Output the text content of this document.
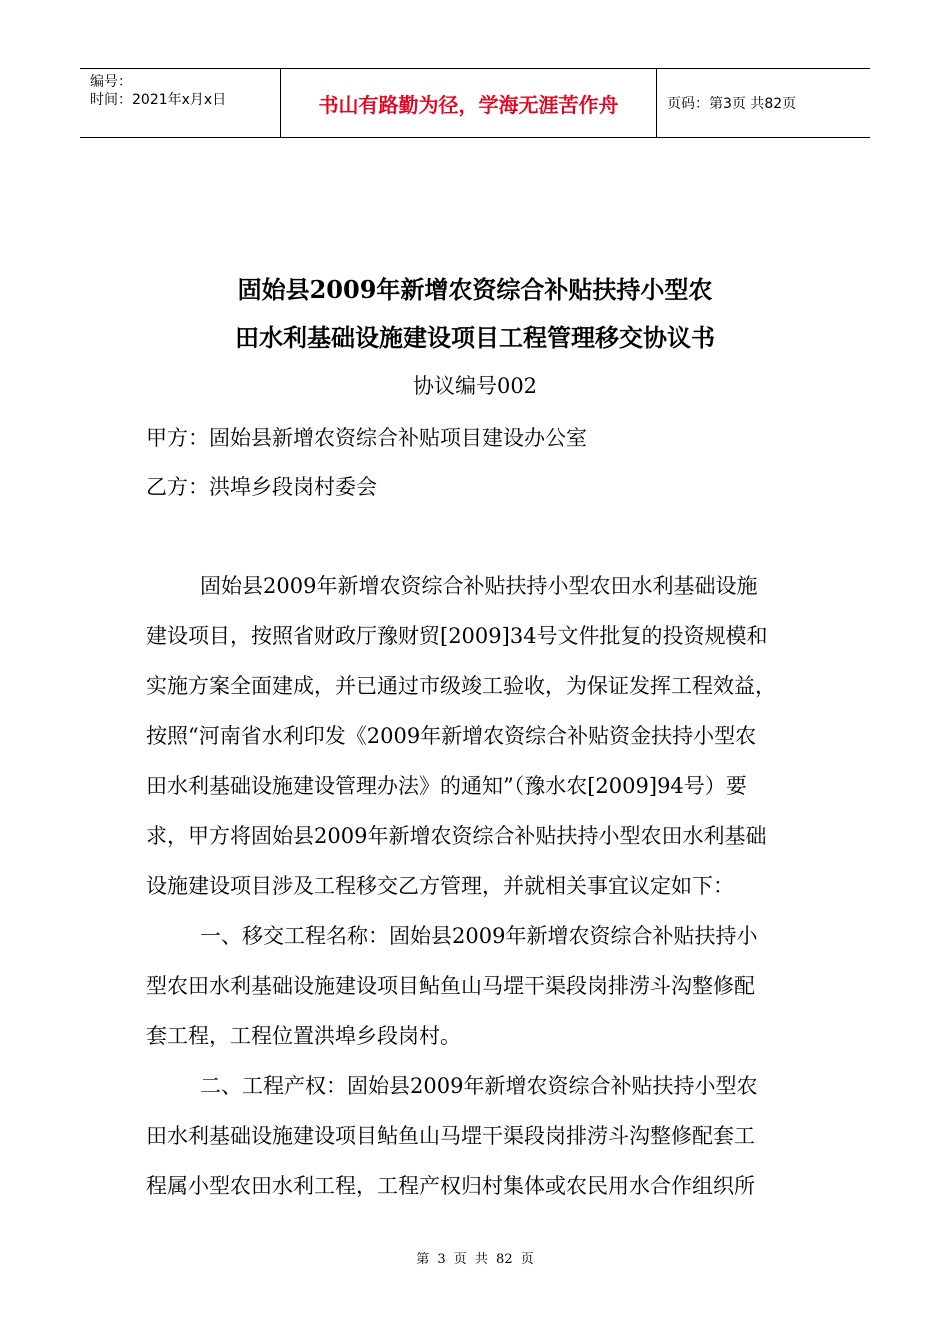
编号：
时间：2021年x月x日	书山有路勤为径，学海无涯苦作舟	页码：第3页 共82页
固始县2009年新增农资综合补贴扶持小型农
田水利基础设施建设项目工程管理移交协议书
协议编号002
甲方：固始县新增农资综合补贴项目建设办公室
乙方：洪埠乡段岗村委会
固始县2009年新增农资综合补贴扶持小型农田水利基础设施
建设项目，按照省财政厅豫财贸[2009]34号文件批复的投资规模和
实施方案全面建成，并已通过市级竣工验收，为保证发挥工程效益，
按照“河南省水利印发《2009年新增农资综合补贴资金扶持小型农
田水利基础设施建设管理办法》的通知”（豫水农[2009]94号）要
求，甲方将固始县2009年新增农资综合补贴扶持小型农田水利基础
设施建设项目涉及工程移交乙方管理，并就相关事宜议定如下：
一、移交工程名称：固始县2009年新增农资综合补贴扶持小
型农田水利基础设施建设项目鲇鱼山马堽干渠段岗排涝斗沟整修配
套工程，工程位置洪埠乡段岗村。
二、工程产权：固始县2009年新增农资综合补贴扶持小型农
田水利基础设施建设项目鲇鱼山马堽干渠段岗排涝斗沟整修配套工
程属小型农田水利工程，工程产权归村集体或农民用水合作组织所
第 3 页 共 82 页
